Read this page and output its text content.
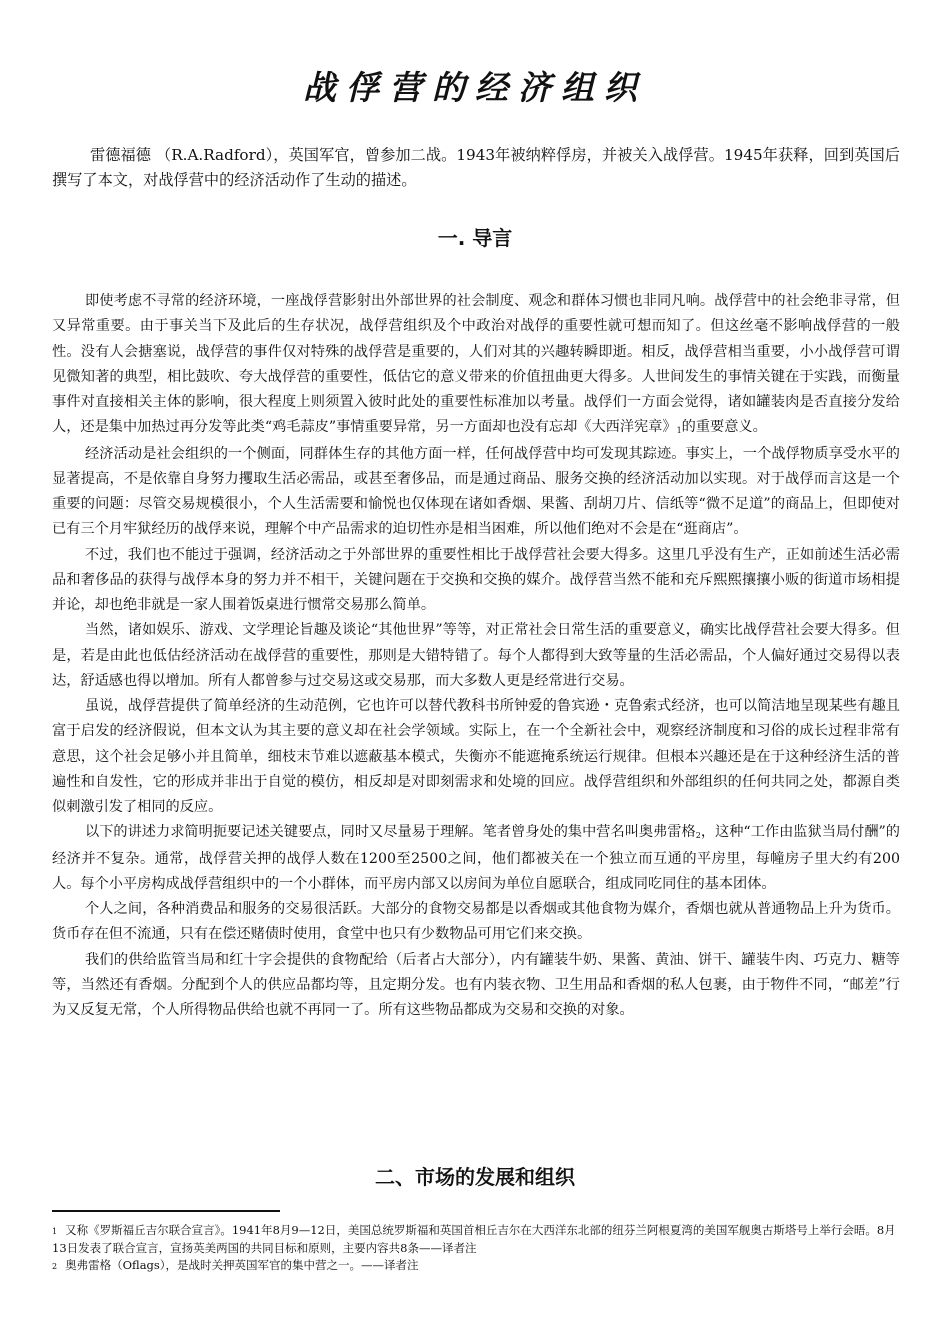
战俘营的经济组织

雷德福德 （R.A.Radford），英国军官，曾参加二战。1943年被纳粹俘房，并被关入战俘营。1945年获释，回到英国后撰写了本文，对战俘营中的经济活动作了生动的描述。

一. 导言

即使考虑不寻常的经济环境，一座战俘营影射出外部世界的社会制度、观念和群体习惯也非同凡响。战俘营中的社会绝非寻常，但又异常重要。由于事关当下及此后的生存状况，战俘营组织及个中政治对战俘的重要性就可想而知了。但这丝毫不影响战俘营的一般性。没有人会搪塞说，战俘营的事件仅对特殊的战俘营是重要的，人们对其的兴趣转瞬即逝。相反，战俘营相当重要，小小战俘营可谓见微知著的典型，相比鼓吹、夸大战俘营的重要性，低估它的意义带来的价值扭曲更大得多。人世间发生的事情关键在于实践，而衡量事件对直接相关主体的影响，很大程度上则须置入彼时此处的重要性标准加以考量。战俘们一方面会觉得，诸如罐装肉是否直接分发给人，还是集中加热过再分发等此类“鸡毛蒜皮”事情重要异常，另一方面却也没有忘却《大西洋宪章》$^1$的重要意义。

经济活动是社会组织的一个侧面，同群体生存的其他方面一样，任何战俘营中均可发现其踪迹。事实上，一个战俘物质享受水平的显著提高，不是依靠自身努力攫取生活必需品，或甚至奢侈品，而是通过商品、服务交换的经济活动加以实现。对于战俘而言这是一个重要的问题：尽管交易规模很小，个人生活需要和愉悦也仅体现在诸如香烟、果酱、刮胡刀片、信纸等“微不足道”的商品上，但即使对已有三个月牢狱经历的战俘来说，理解个中产品需求的迫切性亦是相当困难，所以他们绝对不会是在“逛商店”。

不过，我们也不能过于强调，经济活动之于外部世界的重要性相比于战俘营社会要大得多。这里几乎没有生产，正如前述生活必需品和奢侈品的获得与战俘本身的努力并不相干，关键问题在于交换和交换的媒介。战俘营当然不能和充斥熙熙攘攘小贩的街道市场相提并论，却也绝非就是一家人围着饭桌进行惯常交易那么简单。

当然，诸如娱乐、游戏、文学理论旨趣及谈论“其他世界”等等，对正常社会日常生活的重要意义，确实比战俘营社会要大得多。但是，若是由此也低估经济活动在战俘营的重要性，那则是大错特错了。每个人都得到大致等量的生活必需品，个人偏好通过交易得以表达，舒适感也得以增加。所有人都曾参与过交易这或交易那，而大多数人更是经常进行交易。

虽说，战俘营提供了简单经济的生动范例，它也许可以替代教科书所钟爱的鲁宾逊・克鲁索式经济，也可以简洁地呈现某些有趣且富于启发的经济假说，但本文认为其主要的意义却在社会学领域。实际上，在一个全新社会中，观察经济制度和习俗的成长过程非常有意思，这个社会足够小并且简单，细枝末节难以遮蔽基本模式，失衡亦不能遮掩系统运行规律。但根本兴趣还是在于这种经济生活的普遍性和自发性，它的形成并非出于自觉的模仿，相反却是对即刻需求和处境的回应。战俘营组织和外部组织的任何共同之处，都源自类似刺激引发了相同的反应。

以下的讲述力求简明扼要记述关键要点，同时又尽量易于理解。笔者曾身处的集中营名叫奥弗雷格$^2$，这种“工作由监狱当局付酬”的经济并不复杂。通常，战俘营关押的战俘人数在1200至2500之间，他们都被关在一个独立而互通的平房里，每幢房子里大约有200人。每个小平房构成战俘营组织中的一个小群体，而平房内部又以房间为单位自愿联合，组成同吃同住的基本团体。

个人之间，各种消费品和服务的交易很活跃。大部分的食物交易都是以香烟或其他食物为媒介，香烟也就从普通物品上升为货币。货币存在但不流通，只有在偿还赌债时使用，食堂中也只有少数物品可用它们来交换。

我们的供给监管当局和红十字会提供的食物配给（后者占大部分），内有罐装牛奶、果酱、黄油、饼干、罐装牛肉、巧克力、糖等等，当然还有香烟。分配到个人的供应品都均等，且定期分发。也有内装衣物、卫生用品和香烟的私人包裹，由于物件不同，“邮差”行为又反复无常，个人所得物品供给也就不再同一了。所有这些物品都成为交易和交换的对象。

二、市场的发展和组织

1 又称《罗斯福丘吉尔联合宣言》。1941年8月9—12日，美国总统罗斯福和英国首相丘吉尔在大西洋东北部的纽芬兰阿根夏湾的美国军舰奥古斯塔号上举行会晤。8月13日发表了联合宣言，宣扬英美两国的共同目标和原则，主要内容共8条——译者注

2 奥弗雷格（Oflags），是战时关押英国军官的集中营之一。——译者注
